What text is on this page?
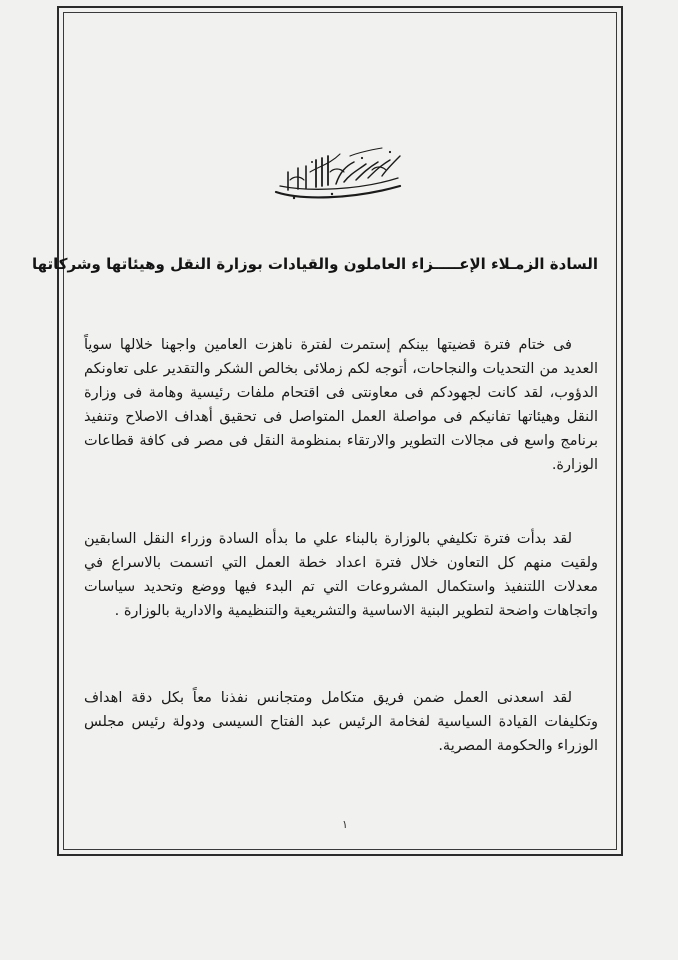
السادة الزمـلاء الإعـــــزاء العاملون والقيادات بوزارة النقل وهيئاتها وشركاتها

فى ختام فترة قضيتها بينكم إستمرت لفترة ناهزت العامين واجهنا خلالها سوياً العديد من التحديات والنجاحات، أتوجه لكم زملائى بخالص الشكر والتقدير على تعاونكم الدؤوب، لقد كانت لجهودكم فى معاونتى فى اقتحام ملفات رئيسية وهامة فى وزارة النقل وهيئاتها تفانيكم فى مواصلة العمل المتواصل فى تحقيق أهداف الاصلاح وتنفيذ برنامج واسع فى مجالات التطوير والارتقاء بمنظومة النقل فى مصر فى كافة قطاعات الوزارة.

لقد بدأت فترة تكليفي بالوزارة بالبناء علي ما بدأه السادة وزراء النقل السابقين ولقيت منهم كل التعاون خلال فترة اعداد خطة العمل التي اتسمت بالاسراع في معدلات اللتنفيذ واستكمال المشروعات التي تم البدء فيها ووضع وتحديد سياسات واتجاهات واضحة لتطوير البنية الاساسية والتشريعية والتنظيمية والادارية بالوزارة .

لقد اسعدنى العمل ضمن فريق متكامل ومتجانس نفذنا معاً بكل دقة اهداف وتكليفات القيادة السياسية لفخامة الرئيس عبد الفتاح السيسى ودولة رئيس مجلس الوزراء والحكومة المصرية.

١
